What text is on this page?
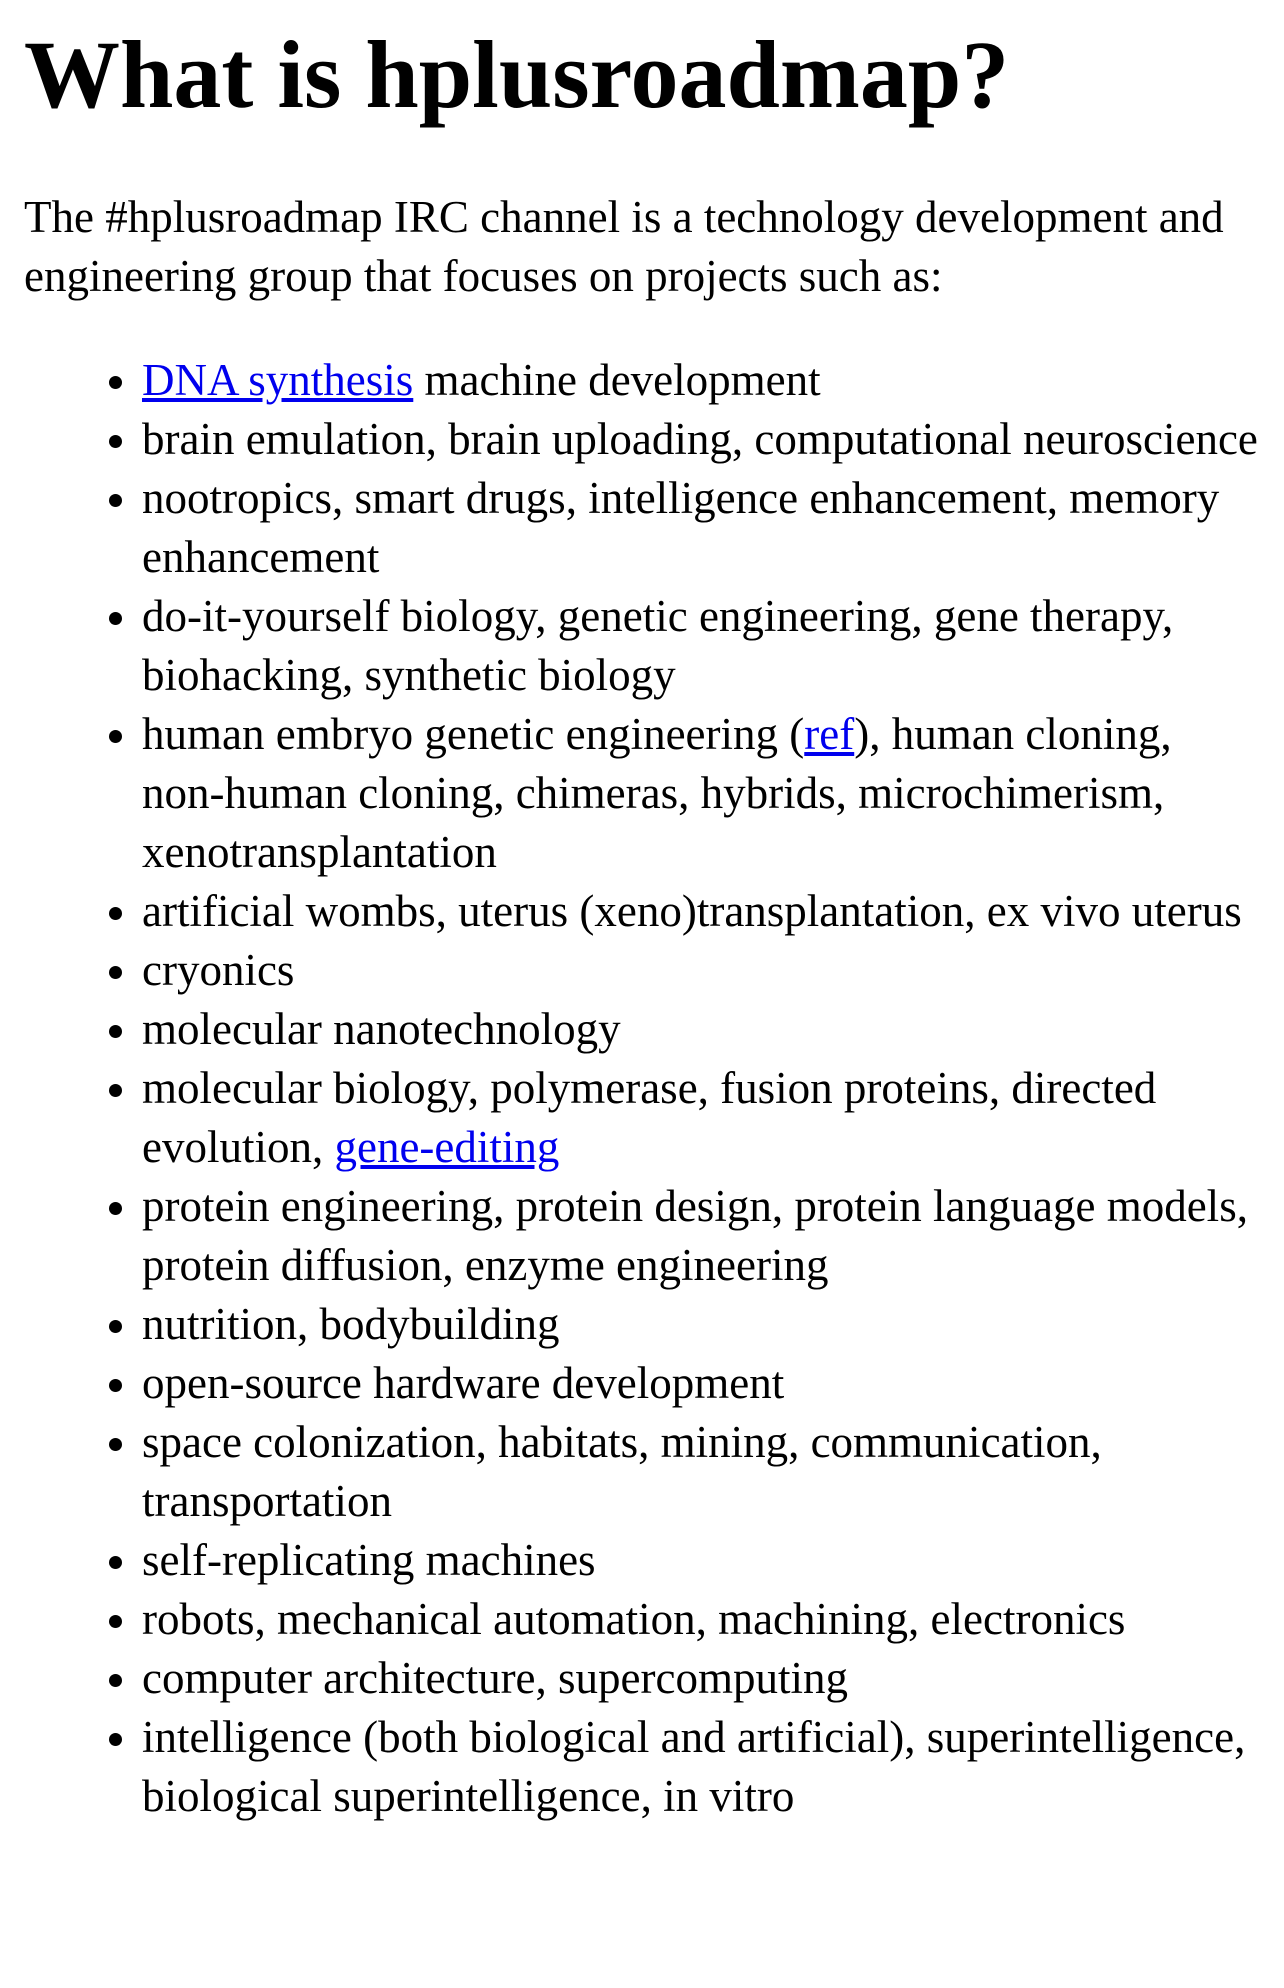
What is hplusroadmap?

The #hplusroadmap IRC channel is a technology development and engineering group that focuses on projects such as:

• DNA synthesis machine development
• brain emulation, brain uploading, computational neuroscience
• nootropics, smart drugs, intelligence enhancement, memory enhancement
• do-it-yourself biology, genetic engineering, gene therapy, biohacking, synthetic biology
• human embryo genetic engineering (ref), human cloning, non-human cloning, chimeras, hybrids, microchimerism, xenotransplantation
• artificial wombs, uterus (xeno)transplantation, ex vivo uterus
• cryonics
• molecular nanotechnology
• molecular biology, polymerase, fusion proteins, directed evolution, gene-editing
• protein engineering, protein design, protein language models, protein diffusion, enzyme engineering
• nutrition, bodybuilding
• open-source hardware development
• space colonization, habitats, mining, communication, transportation
• self-replicating machines
• robots, mechanical automation, machining, electronics
• computer architecture, supercomputing
• intelligence (both biological and artificial), superintelligence, biological superintelligence, in vitro
